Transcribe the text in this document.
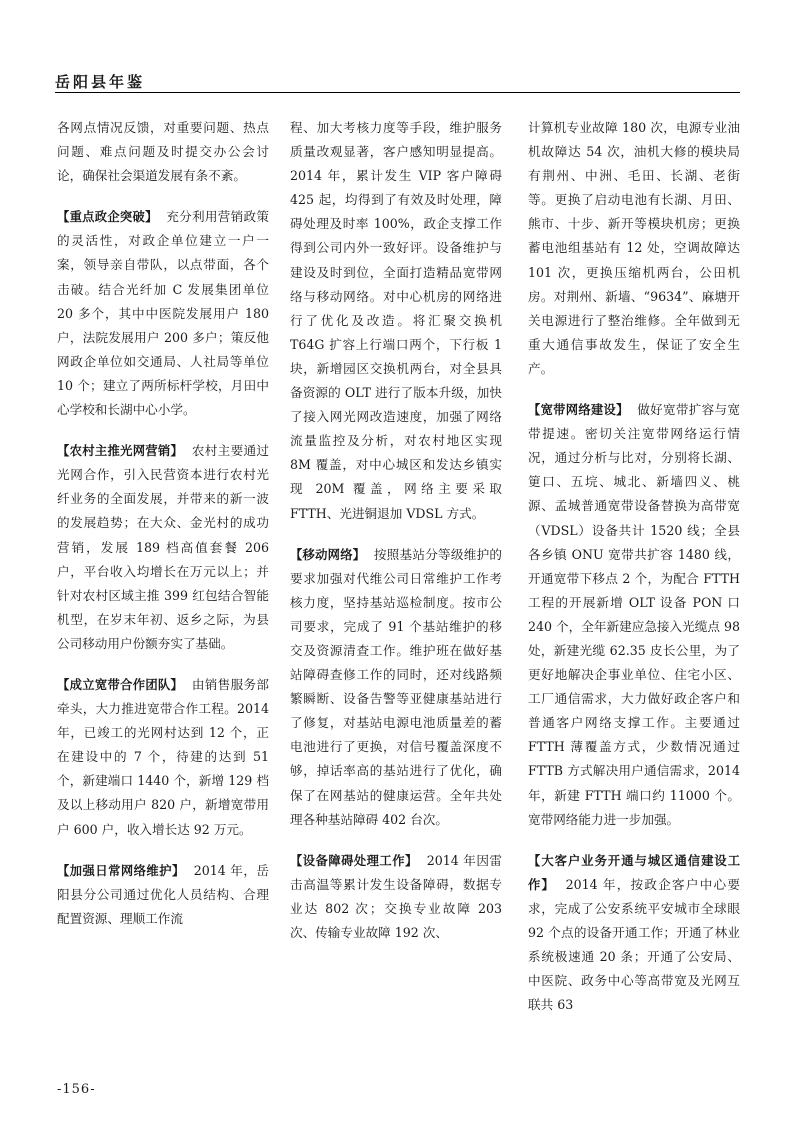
岳阳县年鉴

各网点情况反馈，对重要问题、热点问题、难点问题及时提交办公会讨论，确保社会渠道发展有条不紊。

【重点政企突破】 充分利用营销政策的灵活性，对政企单位建立一户一案，领导亲自带队，以点带面，各个击破。结合光纤加 C 发展集团单位 20 多个，其中中医院发展用户 180 户，法院发展用户 200 多户；策反他网政企单位如交通局、人社局等单位 10 个；建立了两所标杆学校，月田中心学校和长湖中心小学。

【农村主推光网营销】 农村主要通过光网合作，引入民营资本进行农村光纤业务的全面发展，并带来的新一波的发展趋势；在大众、金光村的成功营销，发展 189 档高值套餐 206 户，平台收入均增长在万元以上；并针对农村区域主推 399 红包结合智能机型，在岁末年初、返乡之际，为县公司移动用户份额夯实了基础。

【成立宽带合作团队】 由销售服务部牵头，大力推进宽带合作工程。2014 年，已竣工的光网村达到 12 个，正在建设中的 7 个，待建的达到 51 个，新建端口 1440 个，新增 129 档及以上移动用户 820 户，新增宽带用户 600 户，收入增长达 92 万元。

【加强日常网络维护】 2014 年，岳阳县分公司通过优化人员结构、合理配置资源、理顺工作流

程、加大考核力度等手段，维护服务质量改观显著，客户感知明显提高。2014 年，累计发生 VIP 客户障碍 425 起，均得到了有效及时处理，障碍处理及时率 100%，政企支撑工作得到公司内外一致好评。设备维护与建设及时到位，全面打造精品宽带网络与移动网络。对中心机房的网络进行了优化及改造。将汇聚交换机 T64G 扩容上行端口两个，下行板 1 块，新增园区交换机两台，对全县具备资源的 OLT 进行了版本升级，加快了接入网光网改造速度，加强了网络流量监控及分析，对农村地区实现 8M 覆盖，对中心城区和发达乡镇实现 20M 覆盖，网络主要采取 FTTH、光进铜退加 VDSL 方式。

【移动网络】 按照基站分等级维护的要求加强对代维公司日常维护工作考核力度，坚持基站巡检制度。按市公司要求，完成了 91 个基站维护的移交及资源清查工作。维护班在做好基站障碍查修工作的同时，还对线路频繁瞬断、设备告警等亚健康基站进行了修复，对基站电源电池质量差的蓄电池进行了更换，对信号覆盖深度不够，掉话率高的基站进行了优化，确保了在网基站的健康运营。全年共处理各种基站障碍 402 台次。

【设备障碍处理工作】 2014 年因雷击高温等累计发生设备障碍，数据专业达 802 次；交换专业故障 203 次、传输专业故障 192 次、

计算机专业故障 180 次，电源专业油机故障达 54 次，油机大修的模块局有荆州、中洲、毛田、长湖、老街等。更换了启动电池有长湖、月田、熊市、十步、新开等模块机房；更换蓄电池组基站有 12 处，空调故障达 101 次，更换压缩机两台，公田机房。对荆州、新墙、“9634”、麻塘开关电源进行了整治维修。全年做到无重大通信事故发生，保证了安全生产。

【宽带网络建设】 做好宽带扩容与宽带提速。密切关注宽带网络运行情况，通过分析与比对，分别将长湖、筻口、五垸、城北、新墙四义、桃源、孟城普通宽带设备替换为高带宽（VDSL）设备共计 1520 线；全县各乡镇 ONU 宽带共扩容 1480 线，开通宽带下移点 2 个，为配合 FTTH 工程的开展新增 OLT 设备 PON 口 240 个，全年新建应急接入光缆点 98 处，新建光缆 62.35 皮长公里，为了更好地解决企事业单位、住宅小区、工厂通信需求，大力做好政企客户和普通客户网络支撑工作。主要通过 FTTH 薄覆盖方式，少数情况通过 FTTB 方式解决用户通信需求，2014 年，新建 FTTH 端口约 11000 个。宽带网络能力进一步加强。

【大客户业务开通与城区通信建设工作】 2014 年，按政企客户中心要求，完成了公安系统平安城市全球眼 92 个点的设备开通工作；开通了林业系统极速通 20 条；开通了公安局、中医院、政务中心等高带宽及光网互联共 63

-156-
